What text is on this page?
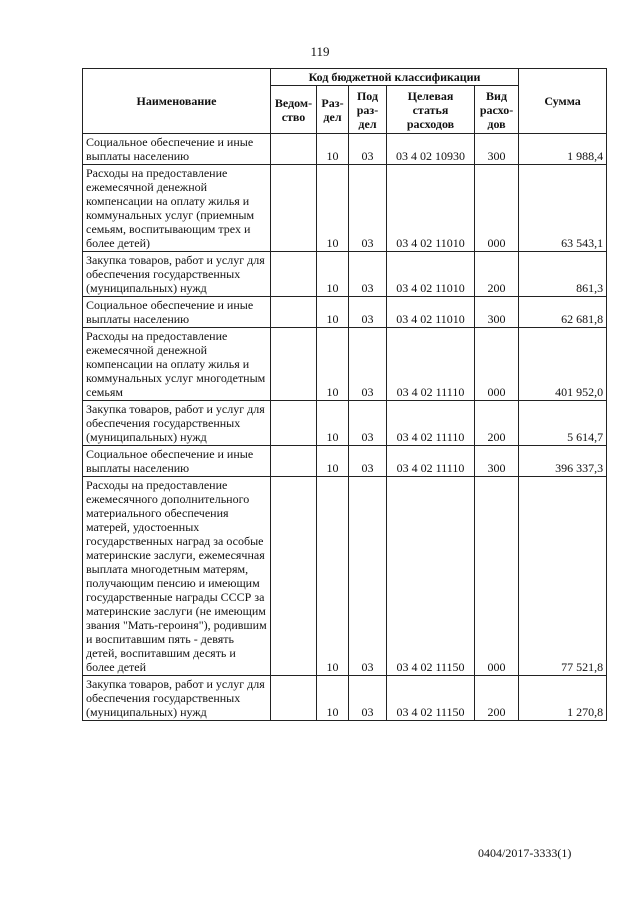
119
Наименование	Код бюджетной классификации					Сумма
	Ведом-ство	Раз-дел	Под раз-дел	Целевая статья расходов	Вид расхо-дов	
Социальное обеспечение и иные выплаты населению		10	03	03 4 02 10930	300	1 988,4
Расходы на предоставление ежемесячной денежной компенсации на оплату жилья и коммунальных услуг (приемным семьям, воспитывающим трех и более детей)		10	03	03 4 02 11010	000	63 543,1
Закупка товаров, работ и услуг для обеспечения государственных (муниципальных) нужд		10	03	03 4 02 11010	200	861,3
Социальное обеспечение и иные выплаты населению		10	03	03 4 02 11010	300	62 681,8
Расходы на предоставление ежемесячной денежной компенсации на оплату жилья и коммунальных услуг многодетным семьям		10	03	03 4 02 11110	000	401 952,0
Закупка товаров, работ и услуг для обеспечения государственных (муниципальных) нужд		10	03	03 4 02 11110	200	5 614,7
Социальное обеспечение и иные выплаты населению		10	03	03 4 02 11110	300	396 337,3
Расходы на предоставление ежемесячного дополнительного материального обеспечения матерей, удостоенных государственных наград за особые материнские заслуги, ежемесячная выплата многодетным матерям, получающим пенсию и имеющим государственные награды СССР за материнские заслуги (не имеющим звания "Мать-героиня"), родившим и воспитавшим пять - девять детей, воспитавшим десять и более детей		10	03	03 4 02 11150	000	77 521,8
Закупка товаров, работ и услуг для обеспечения государственных (муниципальных) нужд		10	03	03 4 02 11150	200	1 270,8
0404/2017-3333(1)
